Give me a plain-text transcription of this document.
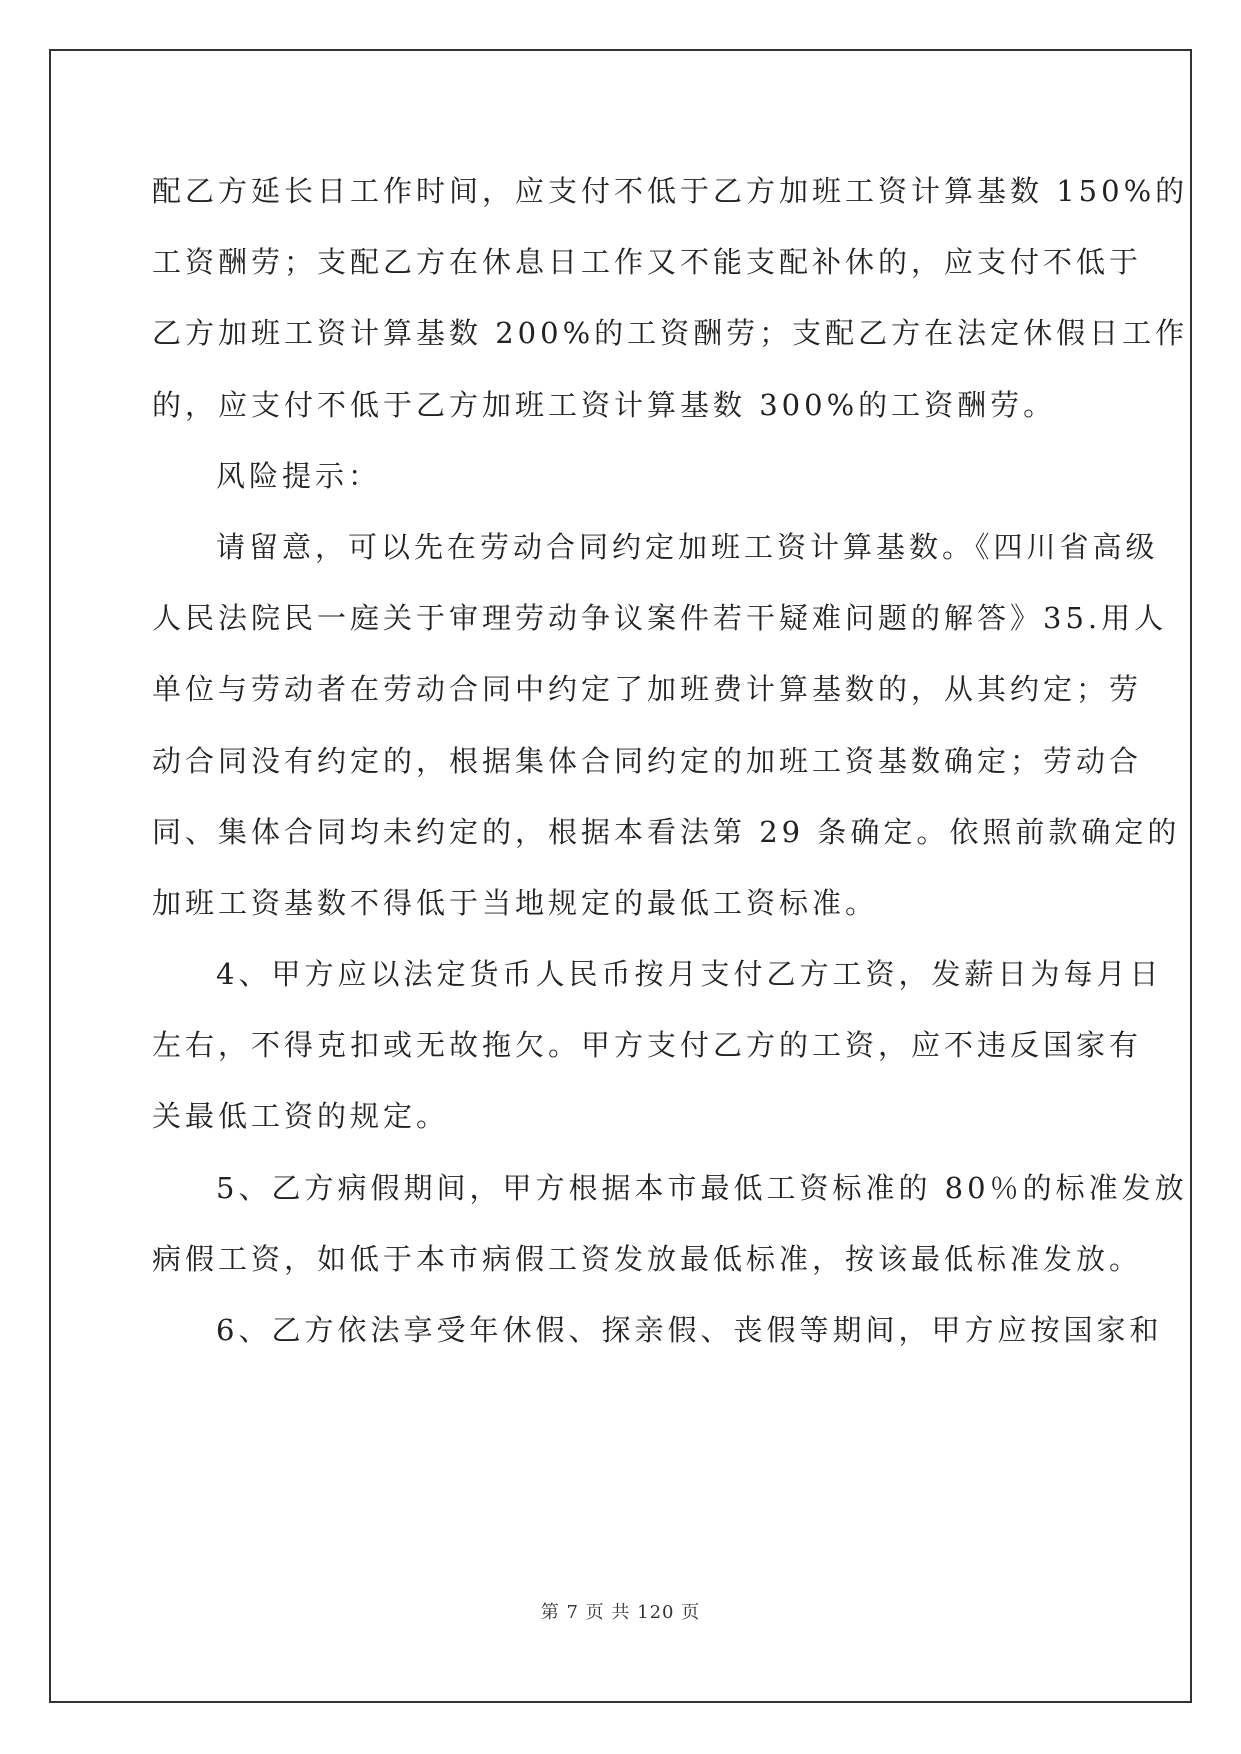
配乙方延长日工作时间，应支付不低于乙方加班工资计算基数 150%的
工资酬劳；支配乙方在休息日工作又不能支配补休的，应支付不低于
乙方加班工资计算基数 200%的工资酬劳；支配乙方在法定休假日工作
的，应支付不低于乙方加班工资计算基数 300%的工资酬劳。
风险提示：
请留意，可以先在劳动合同约定加班工资计算基数。《四川省高级
人民法院民一庭关于审理劳动争议案件若干疑难问题的解答》35.用人
单位与劳动者在劳动合同中约定了加班费计算基数的，从其约定；劳
动合同没有约定的，根据集体合同约定的加班工资基数确定；劳动合
同、集体合同均未约定的，根据本看法第 29 条确定。依照前款确定的
加班工资基数不得低于当地规定的最低工资标准。
4、甲方应以法定货币人民币按月支付乙方工资，发薪日为每月日
左右，不得克扣或无故拖欠。甲方支付乙方的工资，应不违反国家有
关最低工资的规定。
5、乙方病假期间，甲方根据本市最低工资标准的 80％的标准发放
病假工资，如低于本市病假工资发放最低标准，按该最低标准发放。
6、乙方依法享受年休假、探亲假、丧假等期间，甲方应按国家和
第 7 页 共 120 页
